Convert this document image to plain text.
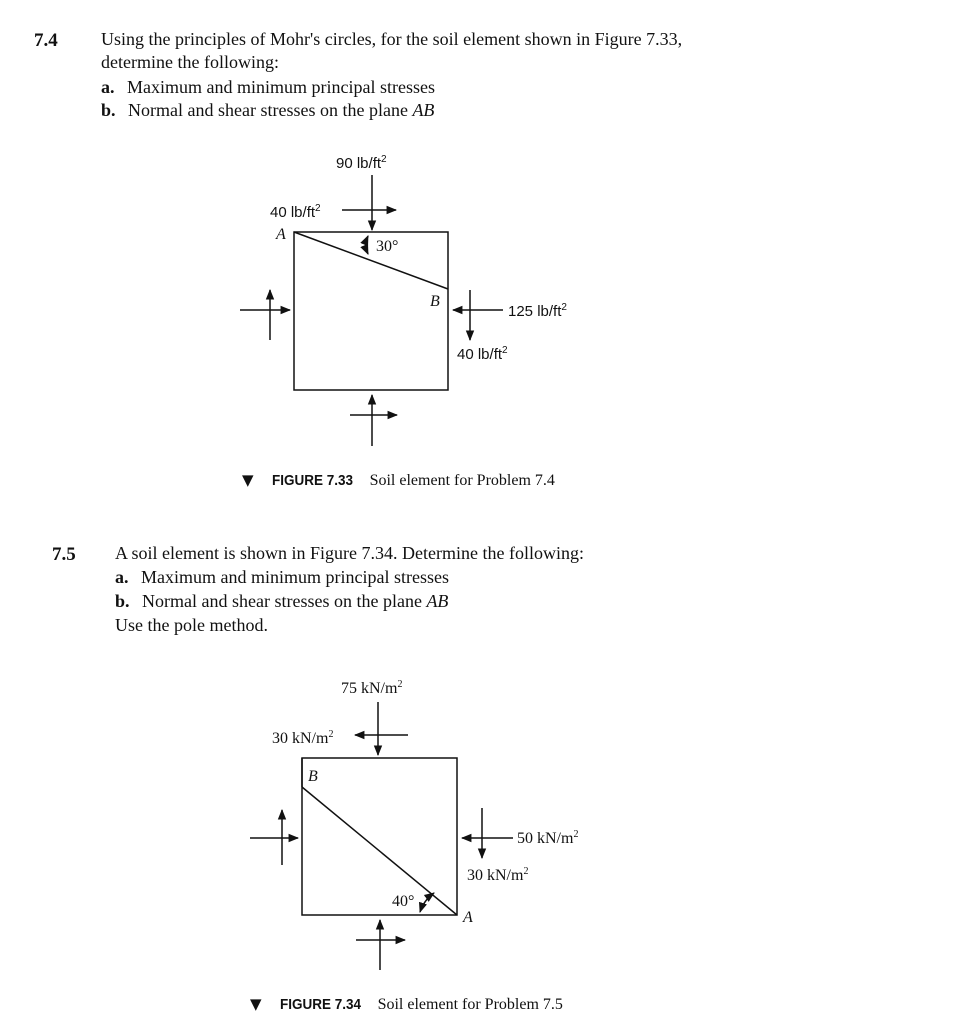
7.4 Using the principles of Mohr's circles, for the soil element shown in Figure 7.33,
determine the following:
a. Maximum and minimum principal stresses
b. Normal and shear stresses on the plane AB
90 $lb/ft^2$
40 $lb/ft^2$
30°
A
B
125 $lb/ft^2$
40 $lb/ft^2$
▼ FIGURE 7.33 Soil element for Problem 7.4
7.5 A soil element is shown in Figure 7.34. Determine the following:
a. Maximum and minimum principal stresses
b. Normal and shear stresses on the plane AB
Use the pole method.
75 $kN/m^2$
30 $kN/m^2$
B
50 $kN/m^2$
30 $kN/m^2$
40°
A
▼ FIGURE 7.34 Soil element for Problem 7.5
